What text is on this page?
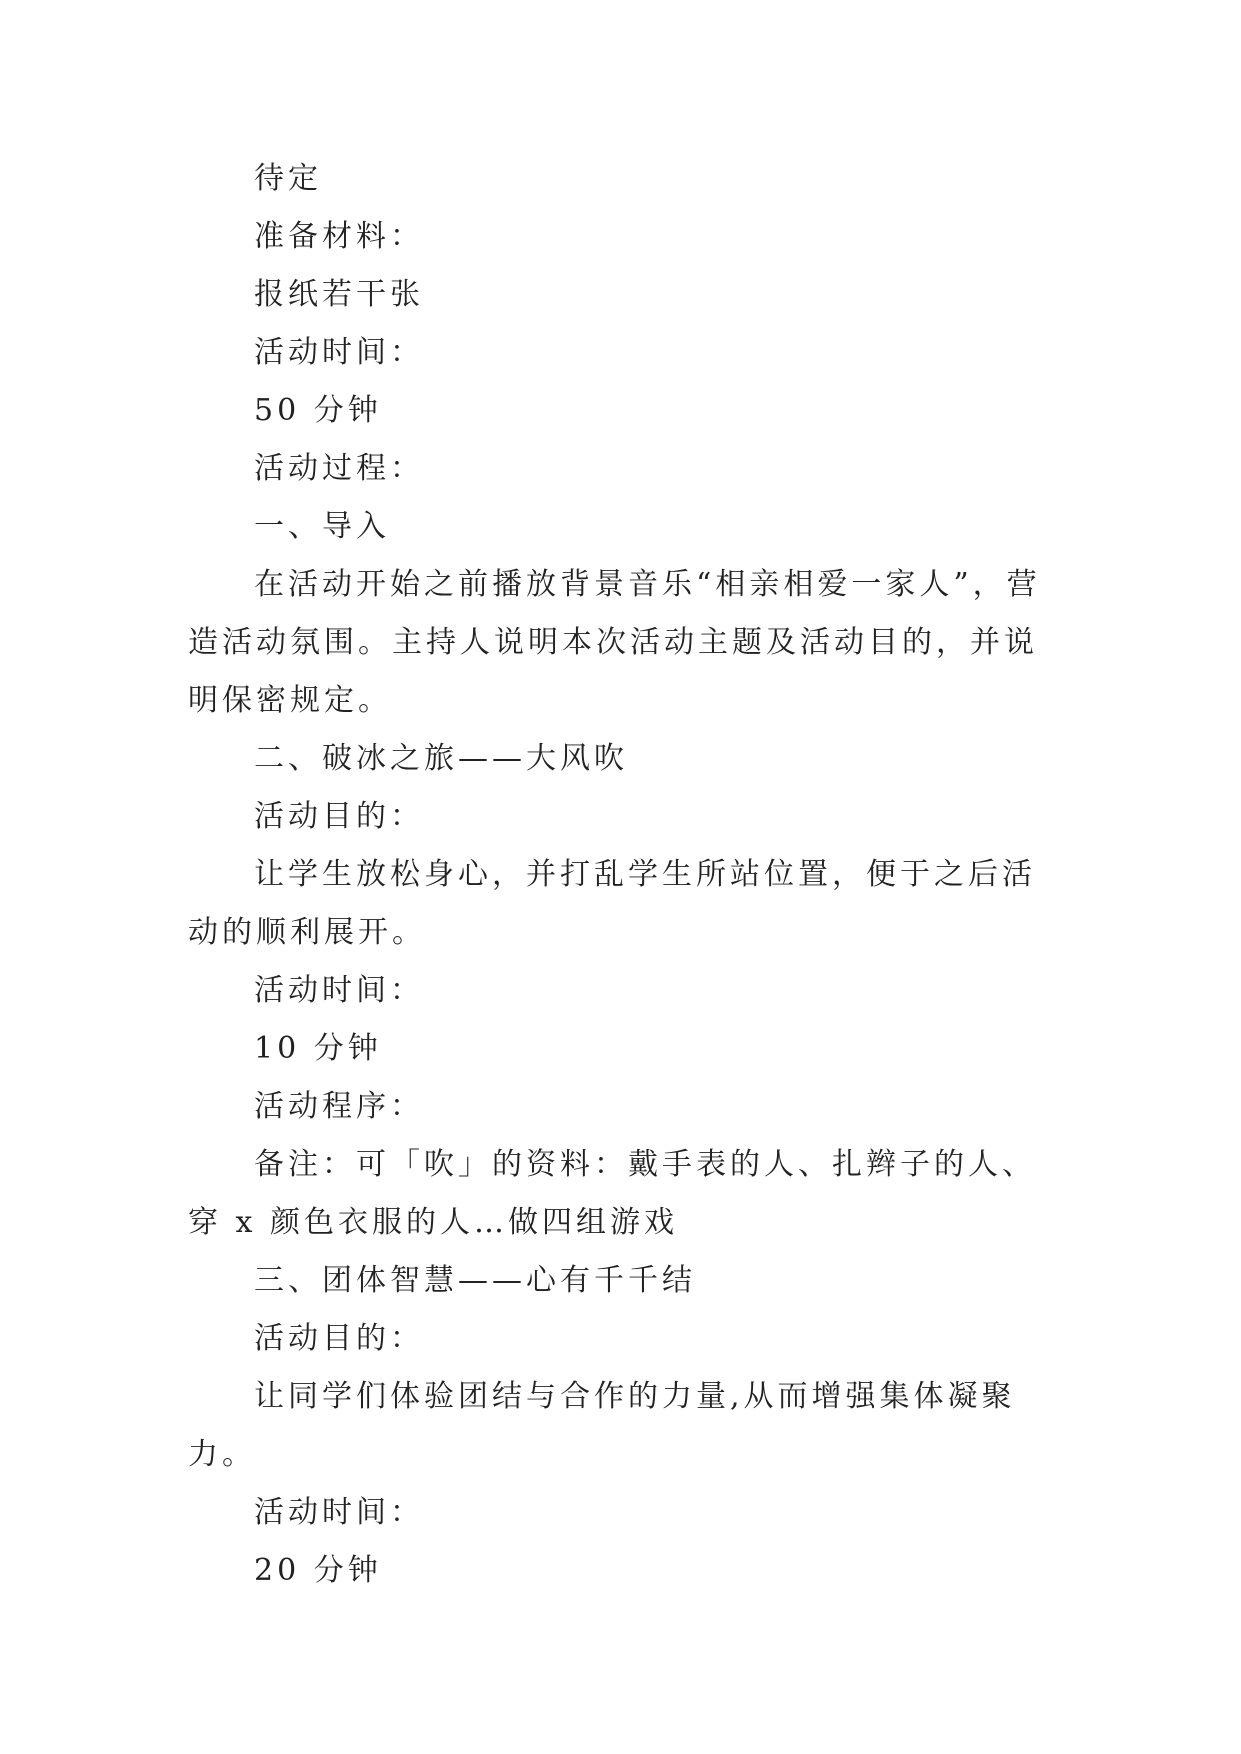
待定

准备材料：

报纸若干张

活动时间：

50 分钟

活动过程：

一、导入

在活动开始之前播放背景音乐“相亲相爱一家人”，营造活动氛围。主持人说明本次活动主题及活动目的，并说明保密规定。

二、破冰之旅——大风吹

活动目的：

让学生放松身心，并打乱学生所站位置，便于之后活动的顺利展开。

活动时间：

10 分钟

活动程序：

备注：可「吹」的资料：戴手表的人、扎辫子的人、穿 x 颜色衣服的人…做四组游戏

三、团体智慧——心有千千结

活动目的：

让同学们体验团结与合作的力量,从而增强集体凝聚力。

活动时间：

20 分钟
